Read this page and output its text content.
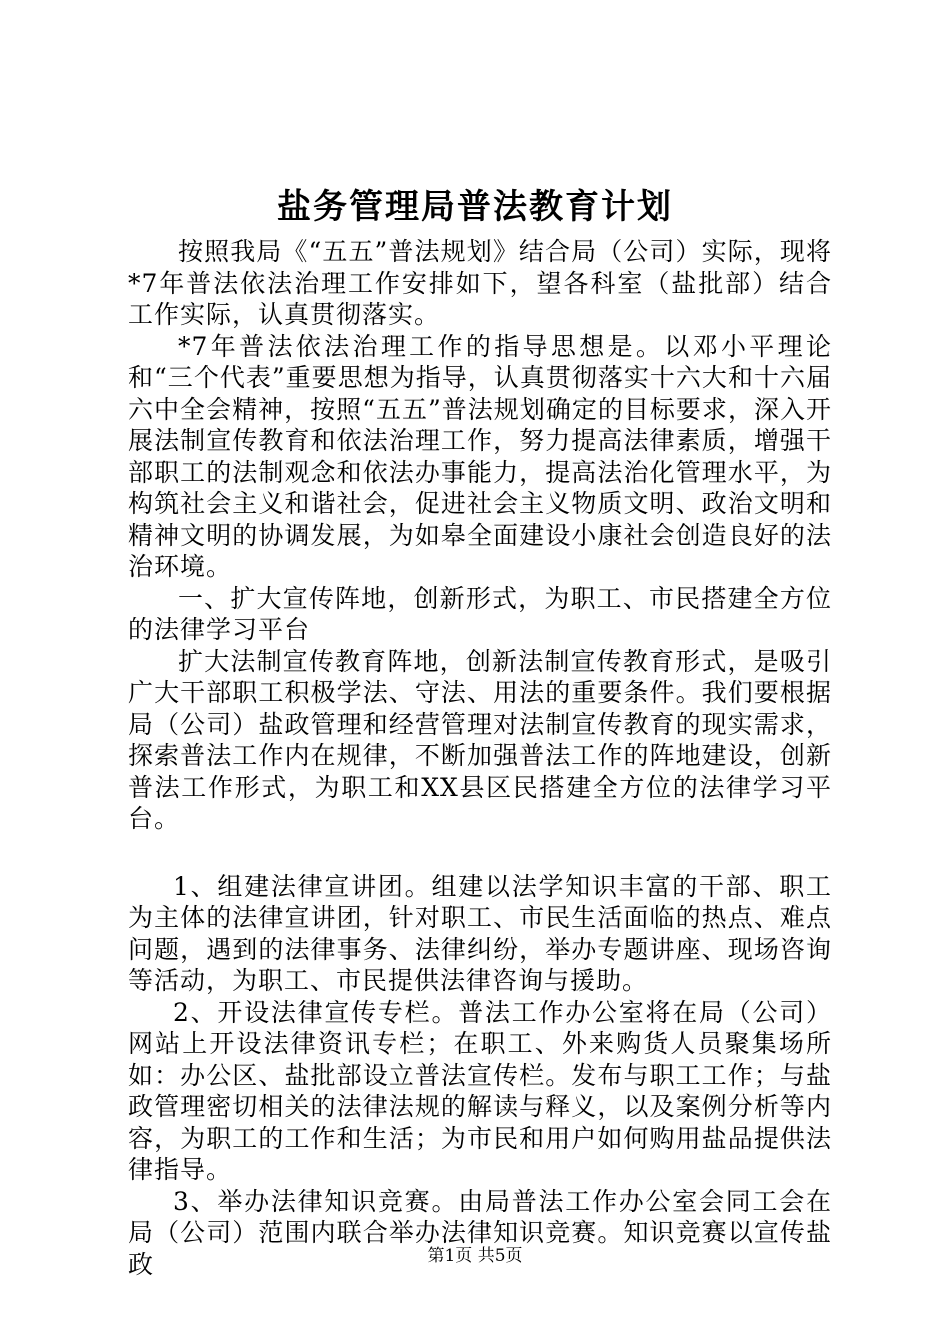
盐务管理局普法教育计划

按照我局《“五五”普法规划》结合局（公司）实际，现将*7年普法依法治理工作安排如下，望各科室（盐批部）结合工作实际，认真贯彻落实。

*7年普法依法治理工作的指导思想是。以邓小平理论和“三个代表”重要思想为指导，认真贯彻落实十六大和十六届六中全会精神，按照“五五”普法规划确定的目标要求，深入开展法制宣传教育和依法治理工作，努力提高法律素质，增强干部职工的法制观念和依法办事能力，提高法治化管理水平，为构筑社会主义和谐社会，促进社会主义物质文明、政治文明和精神文明的协调发展，为如皋全面建设小康社会创造良好的法治环境。

一、扩大宣传阵地，创新形式，为职工、市民搭建全方位的法律学习平台

扩大法制宣传教育阵地，创新法制宣传教育形式，是吸引广大干部职工积极学法、守法、用法的重要条件。我们要根据局（公司）盐政管理和经营管理对法制宣传教育的现实需求，探索普法工作内在规律，不断加强普法工作的阵地建设，创新普法工作形式，为职工和XX县区民搭建全方位的法律学习平台。

1、组建法律宣讲团。组建以法学知识丰富的干部、职工为主体的法律宣讲团，针对职工、市民生活面临的热点、难点问题，遇到的法律事务、法律纠纷，举办专题讲座、现场咨询等活动，为职工、市民提供法律咨询与援助。

2、开设法律宣传专栏。普法工作办公室将在局（公司）网站上开设法律资讯专栏；在职工、外来购货人员聚集场所如：办公区、盐批部设立普法宣传栏。发布与职工工作；与盐政管理密切相关的法律法规的解读与释义，以及案例分析等内容，为职工的工作和生活；为市民和用户如何购用盐品提供法律指导。

3、举办法律知识竞赛。由局普法工作办公室会同工会在局（公司）范围内联合举办法律知识竞赛。知识竞赛以宣传盐政	第1页 共5页
